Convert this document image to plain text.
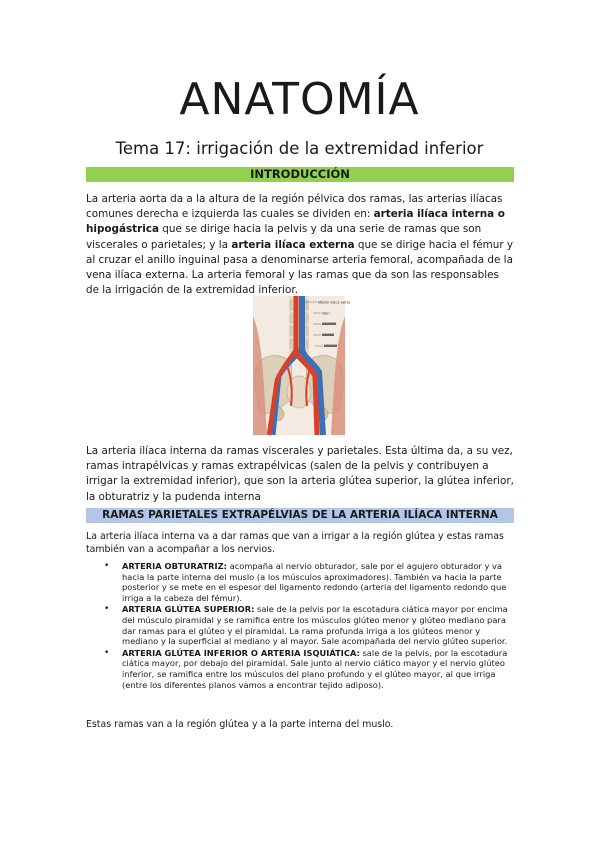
ANATOMÍA
Tema 17: irrigación de la extremidad inferior
INTRODUCCIÓN

La arteria aorta da a la altura de la región pélvica dos ramas, las arterias ilíacas comunes derecha e izquierda las cuales se dividen en: arteria ilíaca interna o hipogástrica que se dirige hacia la pelvis y da una serie de ramas que son viscerales o parietales; y la arteria ilíaca externa que se dirige hacia el fémur y al cruzar el anillo inguinal pasa a denominarse arteria femoral, acompañada de la vena ilíaca externa. La arteria femoral y las ramas que da son las responsables de la irrigación de la extremidad inferior.

Médio rosca aorta
Vein

La arteria ilíaca interna da ramas viscerales y parietales. Esta última da, a su vez, ramas intrapélvicas y ramas extrapélvicas (salen de la pelvis y contribuyen a irrigar la extremidad inferior), que son la arteria glútea superior, la glútea inferior, la obturatriz y la pudenda interna

RAMAS PARIETALES EXTRAPÉLVIAS DE LA ARTERIA ILÍACA INTERNA

La arteria ilíaca interna va a dar ramas que van a irrigar a la región glútea y estas ramas también van a acompañar a los nervios.

• ARTERIA OBTURATRIZ: acompaña al nervio obturador, sale por el agujero obturador y va hacia la parte interna del muslo (a los músculos aproximadores). También va hacia la parte posterior y se mete en el espesor del ligamento redondo (arteria del ligamento redondo que irriga a la cabeza del fémur).
• ARTERIA GLÚTEA SUPERIOR: sale de la pelvis por la escotadura ciática mayor por encima del músculo piramidal y se ramifica entre los músculos glúteo menor y glúteo mediano para dar ramas para el glúteo y el piramidal. La rama profunda irriga a los glúteos menor y mediano y la superficial al mediano y al mayor. Sale acompañada del nervio glúteo superior.
• ARTERIA GLÚTEA INFERIOR O ARTERIA ISQUIÁTICA: sale de la pelvis, por la escotadura ciática mayor, por debajo del piramidal. Sale junto al nervio ciático mayor y el nervio glúteo inferior, se ramifica entre los músculos del plano profundo y el glúteo mayor, al que irriga (entre los diferentes planos vamos a encontrar tejido adiposo).

Estas ramas van a la región glútea y a la parte interna del muslo.
